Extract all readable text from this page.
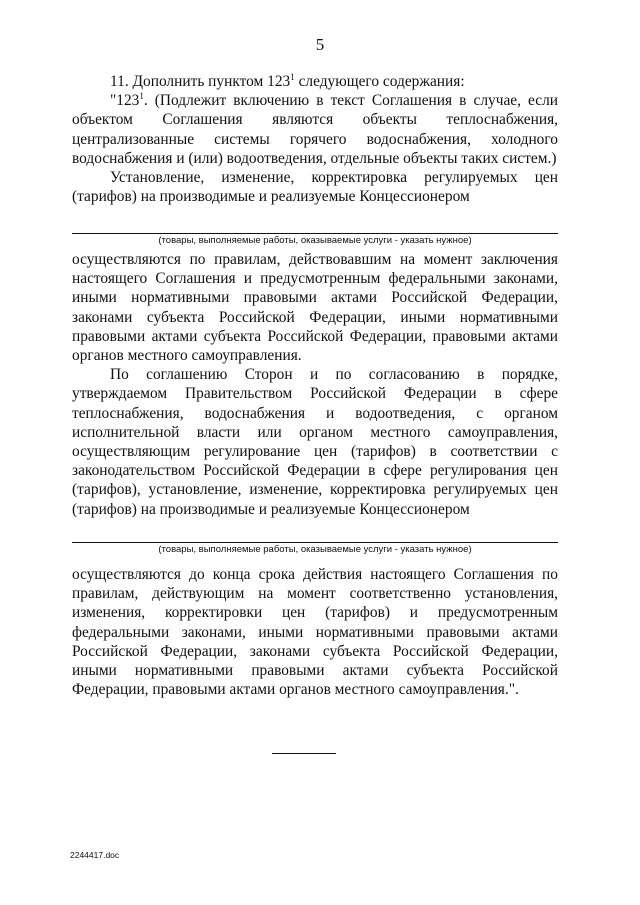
5

11. Дополнить пунктом $123^1$ следующего содержания:

"$123^1$. (Подлежит включению в текст Соглашения в случае, если объектом Соглашения являются объекты теплоснабжения, централизованные системы горячего водоснабжения, холодного водоснабжения и (или) водоотведения, отдельные объекты таких систем.)

Установление, изменение, корректировка регулируемых цен (тарифов) на производимые и реализуемые Концессионером

(товары, выполняемые работы, оказываемые услуги - указать нужное)

осуществляются по правилам, действовавшим на момент заключения настоящего Соглашения и предусмотренным федеральными законами, иными нормативными правовыми актами Российской Федерации, законами субъекта Российской Федерации, иными нормативными правовыми актами субъекта Российской Федерации, правовыми актами органов местного самоуправления.

По соглашению Сторон и по согласованию в порядке, утверждаемом Правительством Российской Федерации в сфере теплоснабжения, водоснабжения и водоотведения, с органом исполнительной власти или органом местного самоуправления, осуществляющим регулирование цен (тарифов) в соответствии с законодательством Российской Федерации в сфере регулирования цен (тарифов), установление, изменение, корректировка регулируемых цен (тарифов) на производимые и реализуемые Концессионером

(товары, выполняемые работы, оказываемые услуги - указать нужное)

осуществляются до конца срока действия настоящего Соглашения по правилам, действующим на момент соответственно установления, изменения, корректировки цен (тарифов) и предусмотренным федеральными законами, иными нормативными правовыми актами Российской Федерации, законами субъекта Российской Федерации, иными нормативными правовыми актами субъекта Российской Федерации, правовыми актами органов местного самоуправления.".

2244417.doc
